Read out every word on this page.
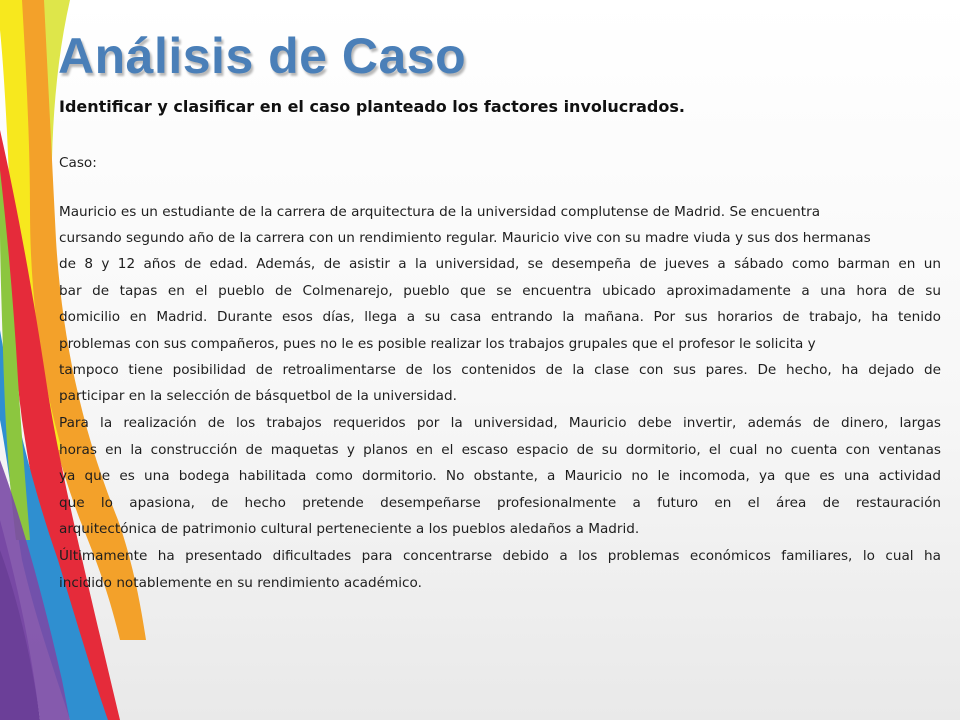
Análisis de Caso
Identificar y clasificar en el caso planteado los factores involucrados.
Caso:
Mauricio es un estudiante de la carrera de arquitectura de la universidad complutense de Madrid. Se encuentra
cursando segundo año de la carrera con un rendimiento regular. Mauricio vive con su madre viuda y sus dos hermanas
de 8 y 12 años de edad. Además, de asistir a la universidad, se desempeña de jueves a sábado como barman en un
bar de tapas en el pueblo de Colmenarejo, pueblo que se encuentra ubicado aproximadamente a una hora de su
domicilio en Madrid. Durante esos días, llega a su casa entrando la mañana. Por sus horarios de trabajo, ha tenido
problemas con sus compañeros, pues no le es posible realizar los trabajos grupales que el profesor le solicita y
tampoco tiene posibilidad de retroalimentarse de los contenidos de la clase con sus pares. De hecho, ha dejado de
participar en la selección de básquetbol de la universidad.
Para la realización de los trabajos requeridos por la universidad, Mauricio debe invertir, además de dinero, largas
horas en la construcción de maquetas y planos en el escaso espacio de su dormitorio, el cual no cuenta con ventanas
ya que es una bodega habilitada como dormitorio. No obstante, a Mauricio no le incomoda, ya que es una actividad
que lo apasiona, de hecho pretende desempeñarse profesionalmente a futuro en el área de restauración
arquitectónica de patrimonio cultural perteneciente a los pueblos aledaños a Madrid.
Últimamente ha presentado dificultades para concentrarse debido a los problemas económicos familiares, lo cual ha
incidido notablemente en su rendimiento académico.
